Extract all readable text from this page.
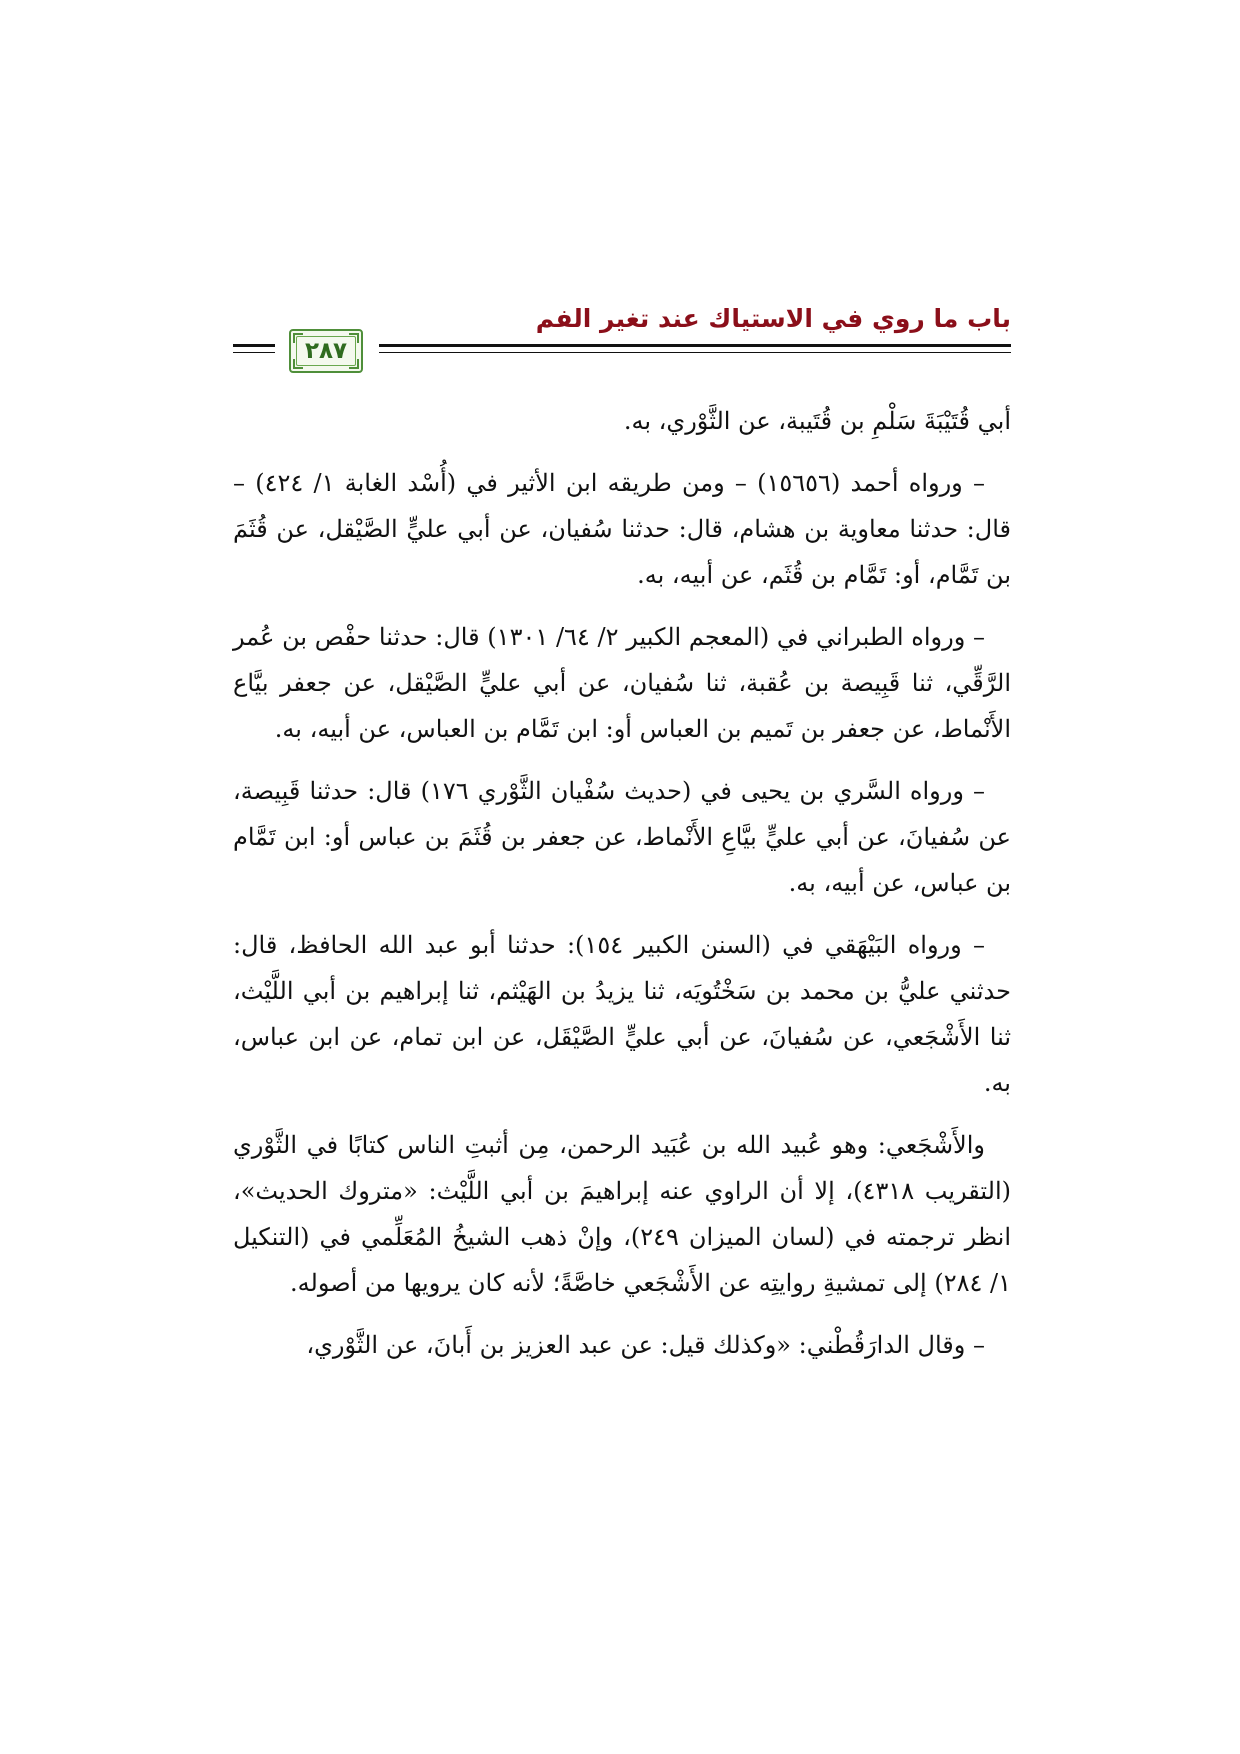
باب ما روي في الاستياك عند تغير الفم
٢٨٧

أبي قُتَيْبَةَ سَلْمِ بن قُتَيبة، عن الثَّوْري، به.

– ورواه أحمد (١٥٦٥٦) – ومن طريقه ابن الأثير في (أُسْد الغابة ١/ ٤٢٤) – قال: حدثنا معاوية بن هشام، قال: حدثنا سُفيان، عن أبي عليٍّ الصَّيْقل، عن قُثَمَ بن تَمَّام، أو: تَمَّام بن قُثَم، عن أبيه، به.

– ورواه الطبراني في (المعجم الكبير ٢/ ٦٤/ ١٣٠١) قال: حدثنا حفْص بن عُمر الرَّقِّي، ثنا قَبِيصة بن عُقبة، ثنا سُفيان، عن أبي عليٍّ الصَّيْقل، عن جعفر بيَّاع الأَنْماط، عن جعفر بن تَميم بن العباس أو: ابن تَمَّام بن العباس، عن أبيه، به.

– ورواه السَّري بن يحيى في (حديث سُفْيان الثَّوْري ١٧٦) قال: حدثنا قَبِيصة، عن سُفيانَ، عن أبي عليٍّ بيَّاعِ الأَنْماط، عن جعفر بن قُثَمَ بن عباس أو: ابن تَمَّام بن عباس، عن أبيه، به.

– ورواه البَيْهَقي في (السنن الكبير ١٥٤): حدثنا أبو عبد الله الحافظ، قال: حدثني عليُّ بن محمد بن سَخْتُويَه، ثنا يزيدُ بن الهَيْثم، ثنا إبراهيم بن أبي اللَّيْث، ثنا الأَشْجَعي، عن سُفيانَ، عن أبي عليٍّ الصَّيْقَل، عن ابن تمام، عن ابن عباس، به.

والأَشْجَعي: وهو عُبيد الله بن عُبَيد الرحمن، مِن أثبتِ الناس كتابًا في الثَّوْري (التقريب ٤٣١٨)، إلا أن الراوي عنه إبراهيمَ بن أبي اللَّيْث: «متروك الحديث»، انظر ترجمته في (لسان الميزان ٢٤٩)، وإنْ ذهب الشيخُ المُعَلِّمي في (التنكيل ١/ ٢٨٤) إلى تمشيةِ روايتِه عن الأَشْجَعي خاصَّةً؛ لأنه كان يرويها من أصوله.

– وقال الدارَقُطْني: «وكذلك قيل: عن عبد العزيز بن أَبانَ، عن الثَّوْري،
